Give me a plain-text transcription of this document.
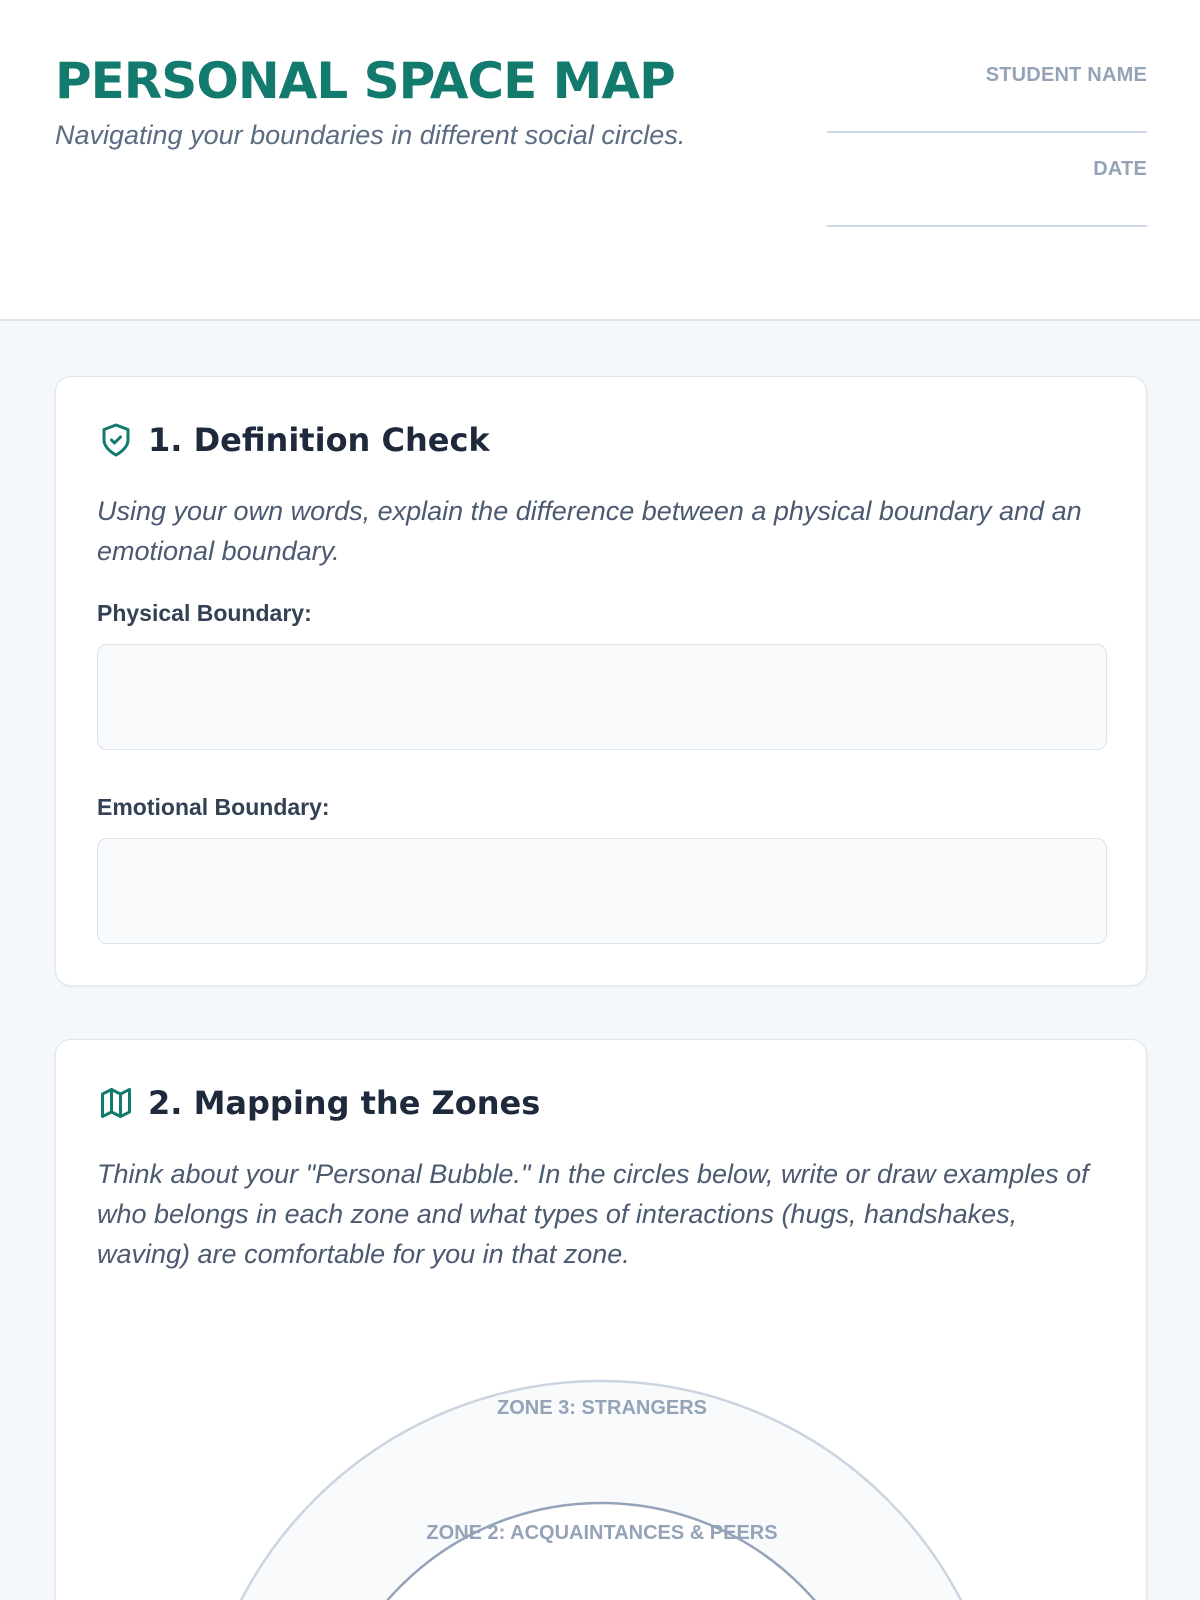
PERSONAL SPACE MAP
Navigating your boundaries in different social circles.
STUDENT NAME
DATE
1. Definition Check
Using your own words, explain the difference between a physical boundary and an emotional boundary.
Physical Boundary:
Emotional Boundary:
2. Mapping the Zones
Think about your "Personal Bubble." In the circles below, write or draw examples of who belongs in each zone and what types of interactions (hugs, handshakes, waving) are comfortable for you in that zone.
ZONE 3: STRANGERS
ZONE 2: ACQUAINTANCES & PEERS
